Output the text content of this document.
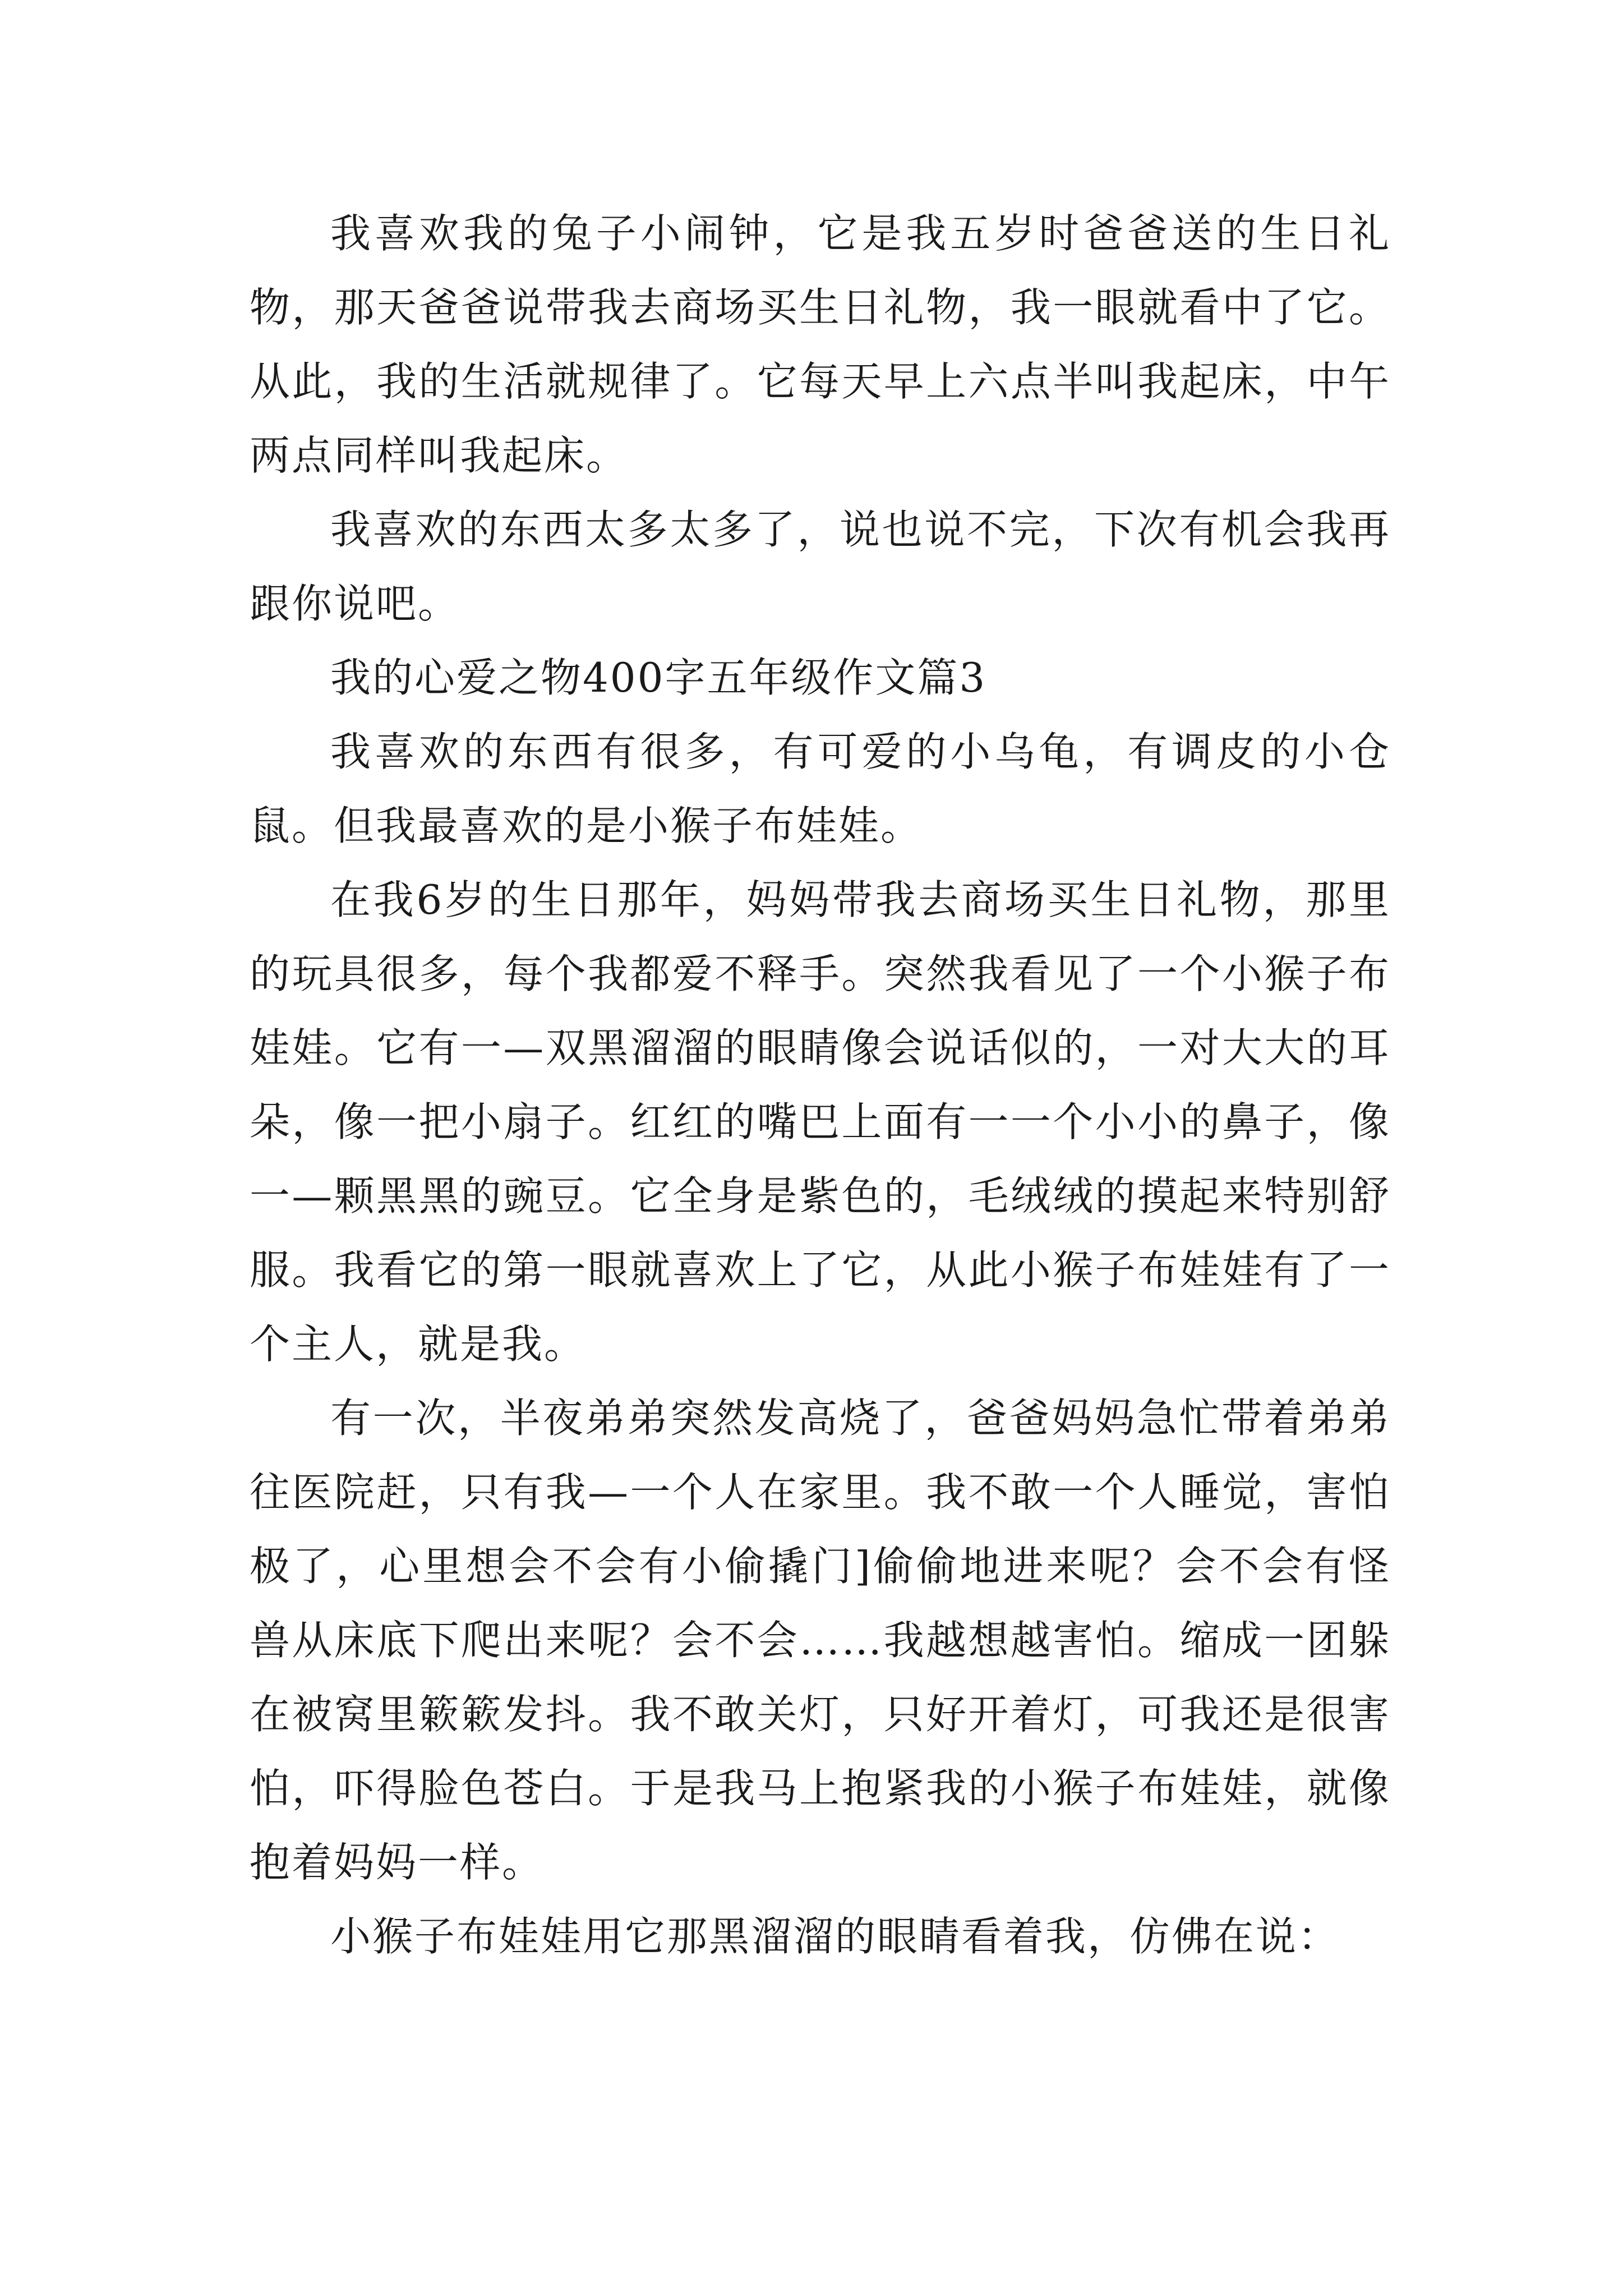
我喜欢我的兔子小闹钟，它是我五岁时爸爸送的生日礼物，那天爸爸说带我去商场买生日礼物，我一眼就看中了它。从此，我的生活就规律了。它每天早上六点半叫我起床，中午两点同样叫我起床。

我喜欢的东西太多太多了，说也说不完，下次有机会我再跟你说吧。

我的心爱之物400字五年级作文篇3

我喜欢的东西有很多，有可爱的小乌龟，有调皮的小仓鼠。但我最喜欢的是小猴子布娃娃。

在我6岁的生日那年，妈妈带我去商场买生日礼物，那里的玩具很多，每个我都爱不释手。突然我看见了一个小猴子布娃娃。它有一—双黑溜溜的眼睛像会说话似的，一对大大的耳朵，像一把小扇子。红红的嘴巴上面有一一个小小的鼻子，像一—颗黑黑的豌豆。它全身是紫色的，毛绒绒的摸起来特别舒服。我看它的第一眼就喜欢上了它，从此小猴子布娃娃有了一个主人，就是我。

有一次，半夜弟弟突然发高烧了，爸爸妈妈急忙带着弟弟往医院赶，只有我—一个人在家里。我不敢一个人睡觉，害怕极了，心里想会不会有小偷撬门]偷偷地进来呢？会不会有怪兽从床底下爬出来呢？会不会……我越想越害怕。缩成一团躲在被窝里簌簌发抖。我不敢关灯，只好开着灯，可我还是很害怕，吓得脸色苍白。于是我马上抱紧我的小猴子布娃娃，就像抱着妈妈一样。

小猴子布娃娃用它那黑溜溜的眼睛看着我，仿佛在说：
